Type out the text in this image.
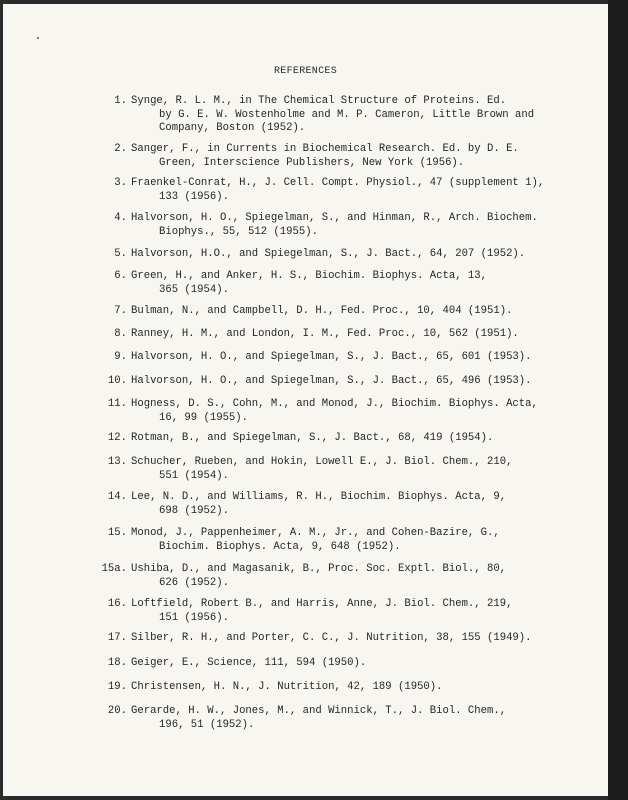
REFERENCES
1. Synge, R. L. M., in The Chemical Structure of Proteins. Ed.
by G. E. W. Wostenholme and M. P. Cameron, Little Brown and
Company, Boston (1952).
2. Sanger, F., in Currents in Biochemical Research. Ed. by D. E.
Green, Interscience Publishers, New York (1956).
3. Fraenkel-Conrat, H., J. Cell. Compt. Physiol., 47 (supplement 1),
133 (1956).
4. Halvorson, H. O., Spiegelman, S., and Hinman, R., Arch. Biochem.
Biophys., 55, 512 (1955).
5. Halvorson, H.O., and Spiegelman, S., J. Bact., 64, 207 (1952).
6. Green, H., and Anker, H. S., Biochim. Biophys. Acta, 13,
365 (1954).
7. Bulman, N., and Campbell, D. H., Fed. Proc., 10, 404 (1951).
8. Ranney, H. M., and London, I. M., Fed. Proc., 10, 562 (1951).
9. Halvorson, H. O., and Spiegelman, S., J. Bact., 65, 601 (1953).
10. Halvorson, H. O., and Spiegelman, S., J. Bact., 65, 496 (1953).
11. Hogness, D. S., Cohn, M., and Monod, J., Biochim. Biophys. Acta,
16, 99 (1955).
12. Rotman, B., and Spiegelman, S., J. Bact., 68, 419 (1954).
13. Schucher, Rueben, and Hokin, Lowell E., J. Biol. Chem., 210,
551 (1954).
14. Lee, N. D., and Williams, R. H., Biochim. Biophys. Acta, 9,
698 (1952).
15. Monod, J., Pappenheimer, A. M., Jr., and Cohen-Bazire, G.,
Biochim. Biophys. Acta, 9, 648 (1952).
15a. Ushiba, D., and Magasanik, B., Proc. Soc. Exptl. Biol., 80,
626 (1952).
16. Loftfield, Robert B., and Harris, Anne, J. Biol. Chem., 219,
151 (1956).
17. Silber, R. H., and Porter, C. C., J. Nutrition, 38, 155 (1949).
18. Geiger, E., Science, 111, 594 (1950).
19. Christensen, H. N., J. Nutrition, 42, 189 (1950).
20. Gerarde, H. W., Jones, M., and Winnick, T., J. Biol. Chem.,
196, 51 (1952).
